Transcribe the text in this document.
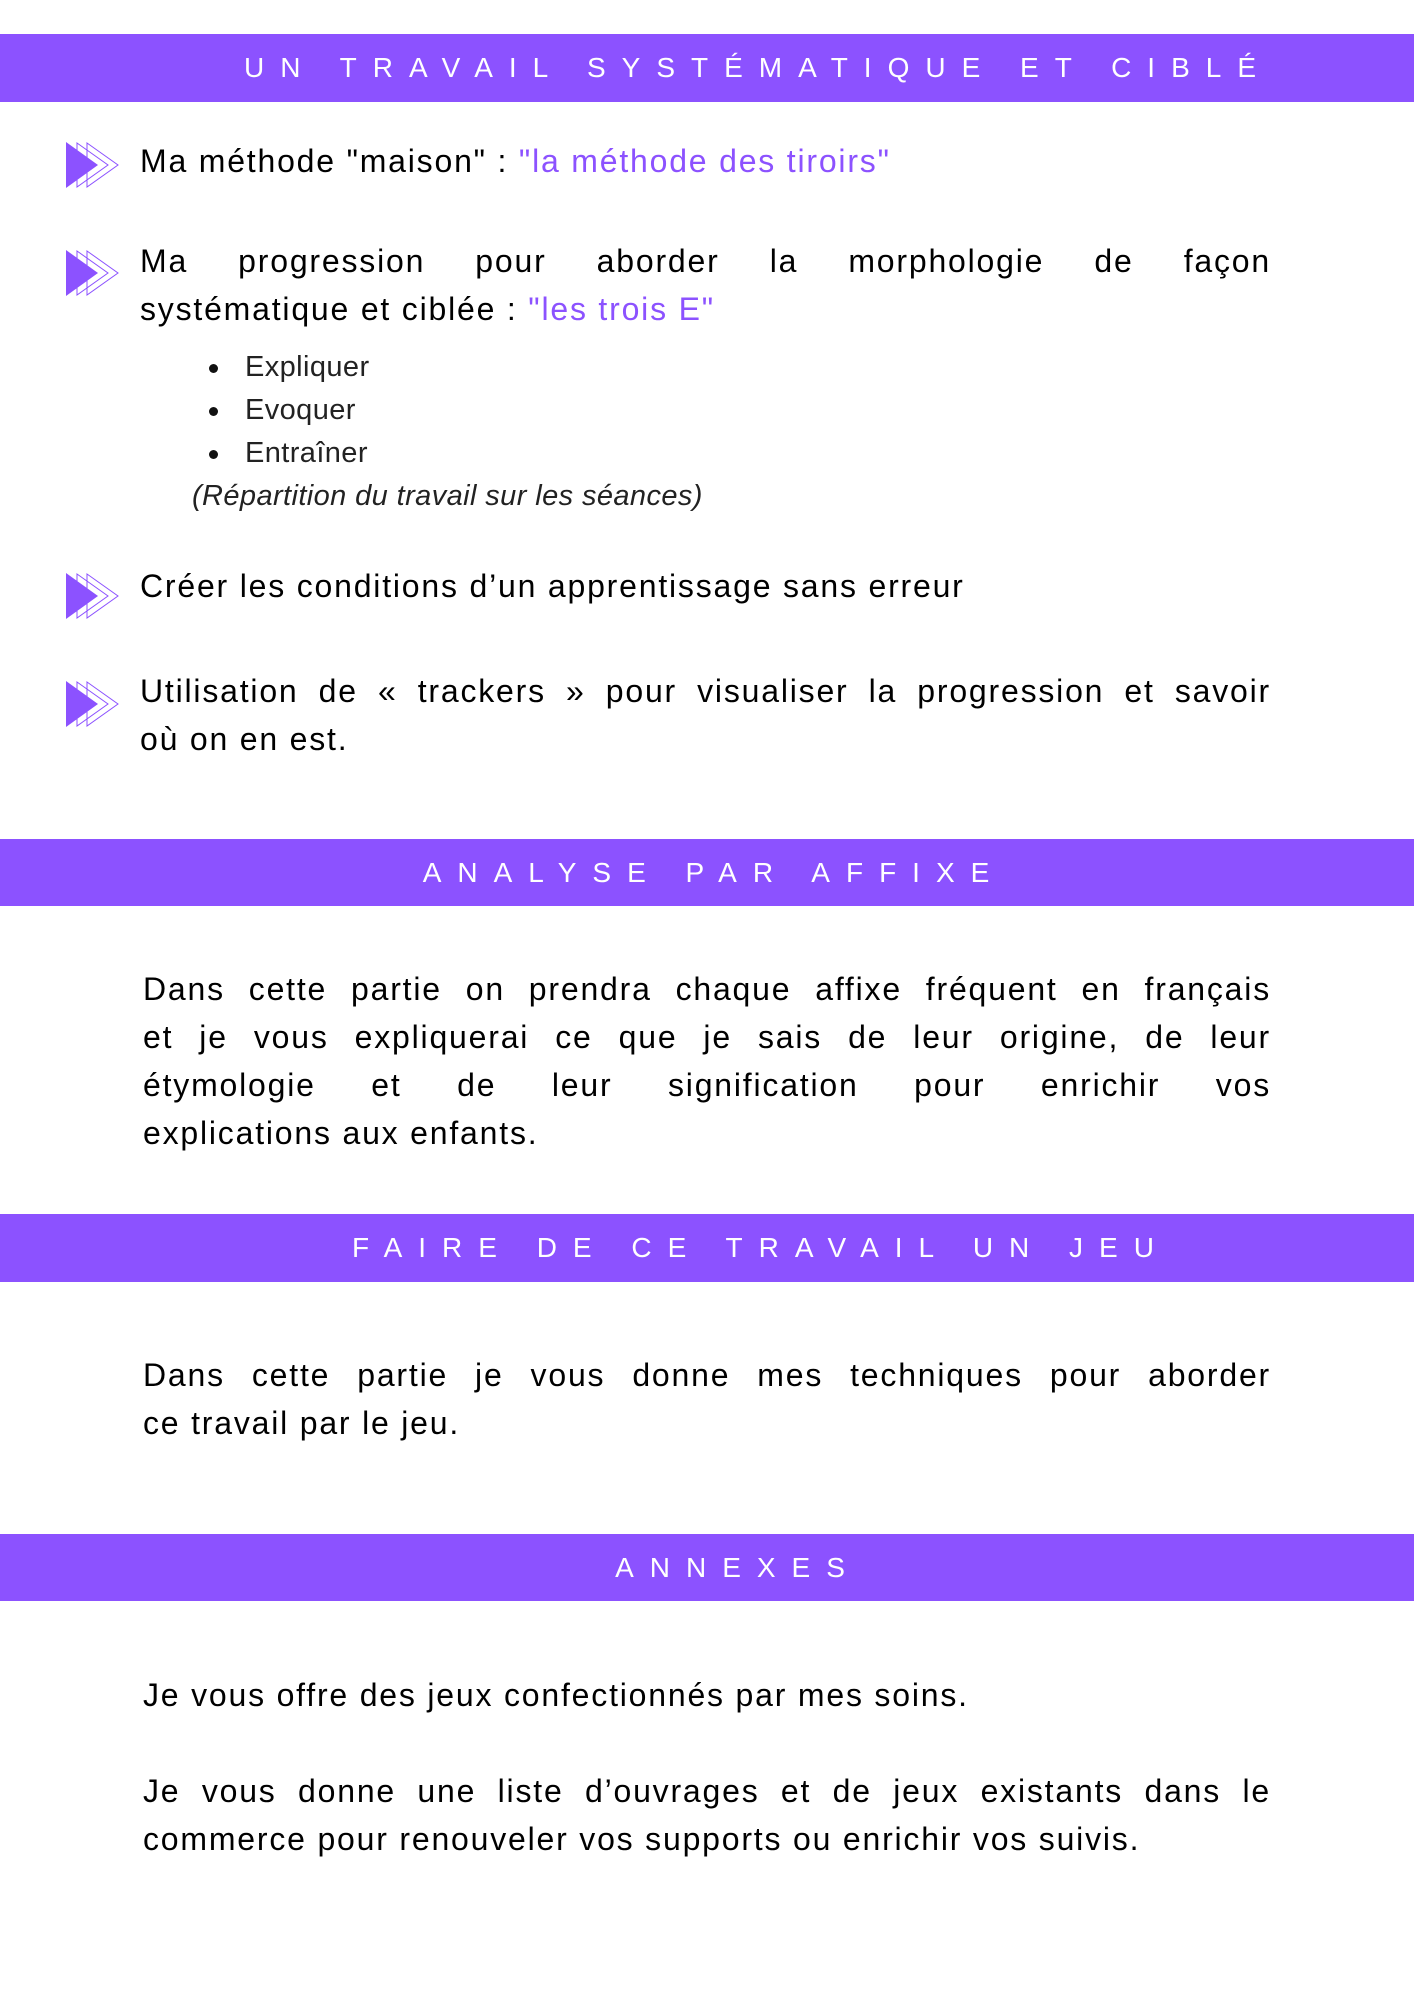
UN TRAVAIL SYSTÉMATIQUE ET CIBLÉ
Ma méthode "maison" : "la méthode des tiroirs"
Ma progression pour aborder la morphologie de façon
systématique et ciblée : "les trois E"
Expliquer
Evoquer
Entraîner
(Répartition du travail sur les séances)
Créer les conditions d’un apprentissage sans erreur
Utilisation de « trackers » pour visualiser la progression et savoir
où on en est.
ANALYSE PAR AFFIXE
Dans cette partie on prendra chaque affixe fréquent en français
et je vous expliquerai ce que je sais de leur origine, de leur
étymologie et de leur signification pour enrichir vos
explications aux enfants.
FAIRE DE CE TRAVAIL UN JEU
Dans cette partie je vous donne mes techniques pour aborder
ce travail par le jeu.
ANNEXES
Je vous offre des jeux confectionnés par mes soins.
Je vous donne une liste d’ouvrages et de jeux existants dans le
commerce pour renouveler vos supports ou enrichir vos suivis.
